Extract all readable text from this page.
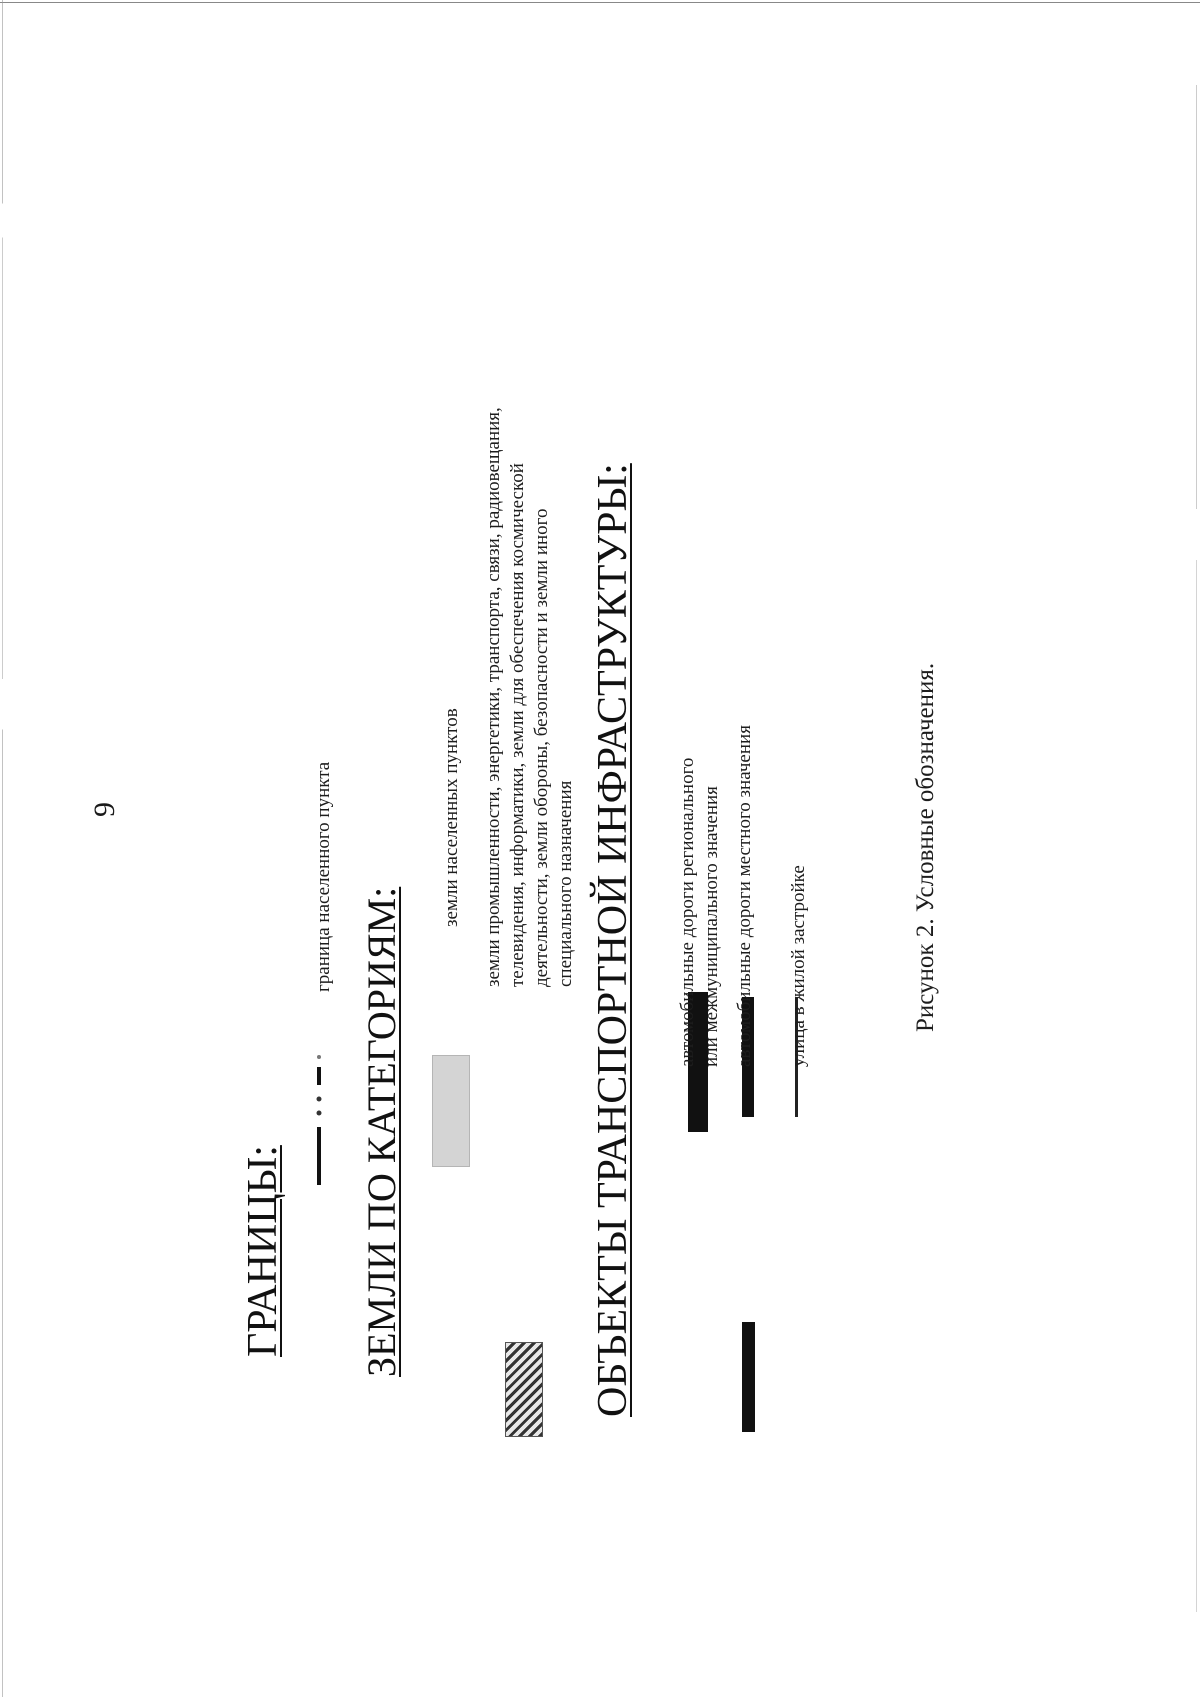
9
ГРАНИЦЫ:
граница населенного пункта
ЗЕМЛИ ПО КАТЕГОРИЯМ:
земли населенных пунктов земли промышленности, энергетики, транспорта, связи, радиовещания, телевидения, информатики, земли для обеспечения космической деятельности, земли обороны, безопасности и земли иного специального назначения ОБЪЕКТЫ ТРАНСПОРТНОЙ ИНФРАСТРУКТУРЫ: автомобильные дороги регионального или межмуниципального значения автомобильные дороги местного значения улица в жилой застройке	Рисунок 2. Условные обозначения.
